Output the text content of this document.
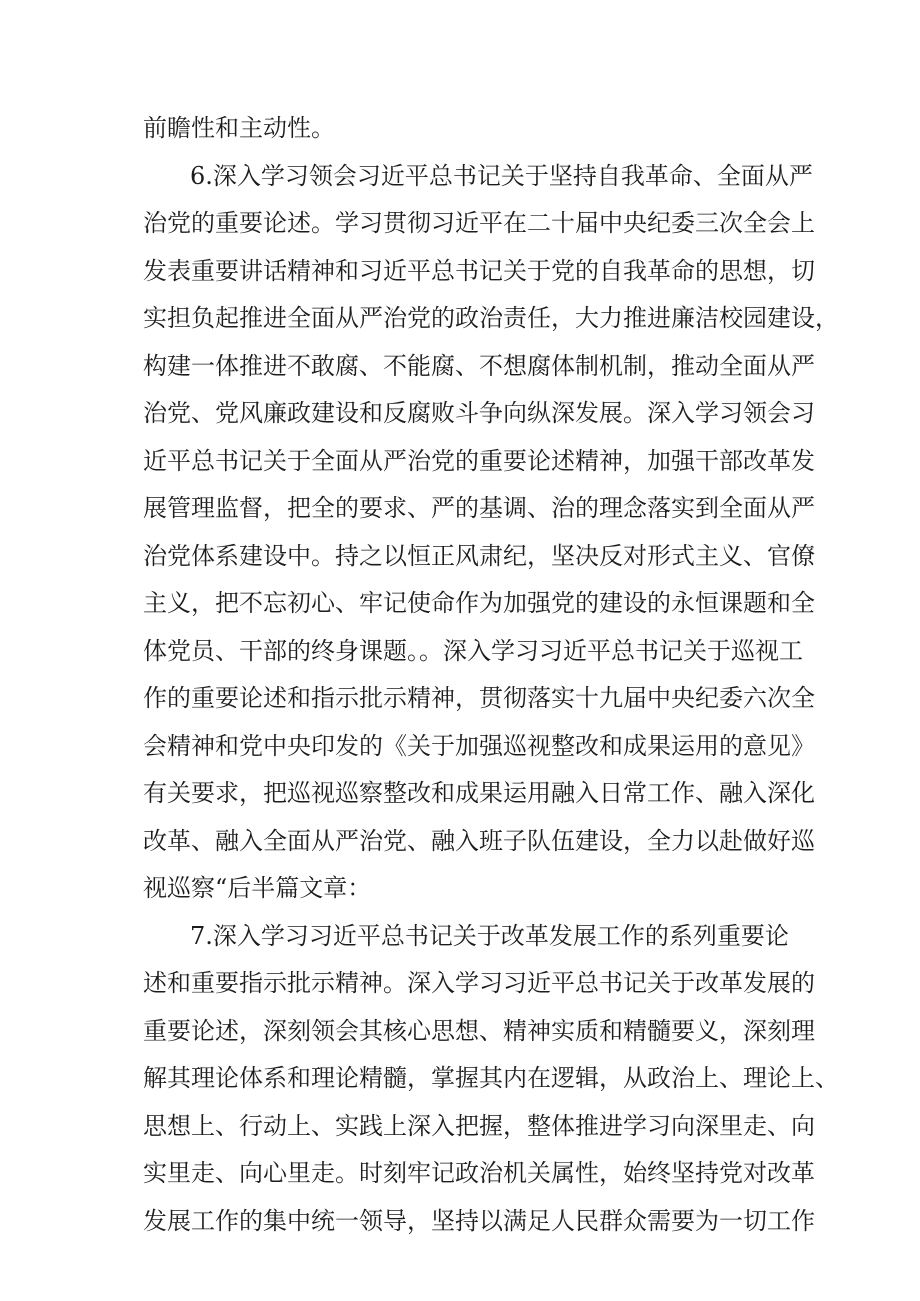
前瞻性和主动性。
6.深入学习领会习近平总书记关于坚持自我革命、全面从严
治党的重要论述。学习贯彻习近平在二十届中央纪委三次全会上
发表重要讲话精神和习近平总书记关于党的自我革命的思想，切
实担负起推进全面从严治党的政治责任，大力推进廉洁校园建设，
构建一体推进不敢腐、不能腐、不想腐体制机制，推动全面从严
治党、党风廉政建设和反腐败斗争向纵深发展。深入学习领会习
近平总书记关于全面从严治党的重要论述精神，加强干部改革发
展管理监督，把全的要求、严的基调、治的理念落实到全面从严
治党体系建设中。持之以恒正风肃纪，坚决反对形式主义、官僚
主义，把不忘初心、牢记使命作为加强党的建设的永恒课题和全
体党员、干部的终身课题。。深入学习习近平总书记关于巡视工
作的重要论述和指示批示精神，贯彻落实十九届中央纪委六次全
会精神和党中央印发的《关于加强巡视整改和成果运用的意见》
有关要求，把巡视巡察整改和成果运用融入日常工作、融入深化
改革、融入全面从严治党、融入班子队伍建设，全力以赴做好巡
视巡察“后半篇文章：
7.深入学习习近平总书记关于改革发展工作的系列重要论
述和重要指示批示精神。深入学习习近平总书记关于改革发展的
重要论述，深刻领会其核心思想、精神实质和精髓要义，深刻理
解其理论体系和理论精髓，掌握其内在逻辑，从政治上、理论上、
思想上、行动上、实践上深入把握，整体推进学习向深里走、向
实里走、向心里走。时刻牢记政治机关属性，始终坚持党对改革
发展工作的集中统一领导，坚持以满足人民群众需要为一切工作
